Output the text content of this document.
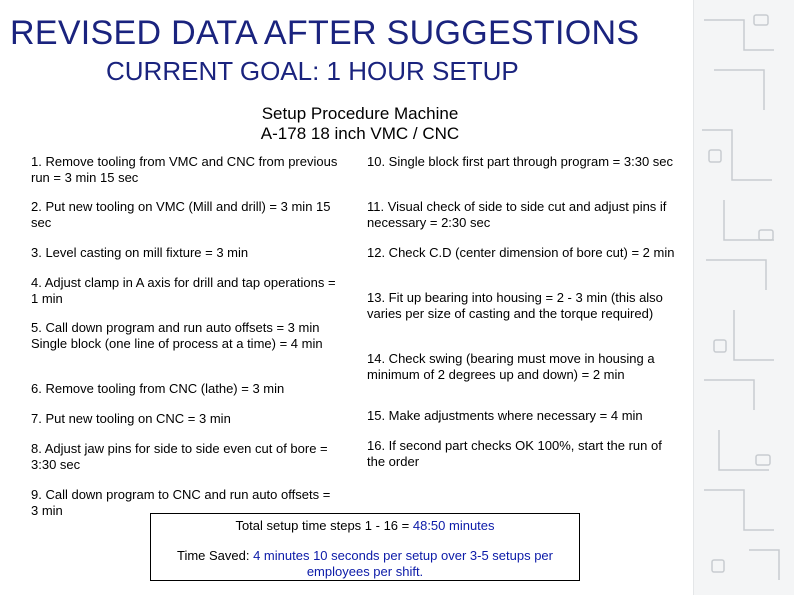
REVISED DATA AFTER SUGGESTIONS
CURRENT GOAL: 1 HOUR SETUP
Setup Procedure Machine
A-178 18 inch VMC / CNC
1. Remove tooling from VMC and CNC from previous run = 3 min 15 sec
2. Put new tooling on VMC (Mill and drill) = 3 min 15 sec
3. Level casting on mill fixture = 3 min
4. Adjust clamp in A axis for drill and tap operations = 1 min
5. Call down program and run auto offsets = 3 min Single block (one line of process at a time) = 4 min
6. Remove tooling from CNC (lathe) = 3 min
7. Put new tooling on CNC = 3 min
8. Adjust jaw pins for side to side even cut of bore = 3:30 sec
9. Call down program to CNC and run auto offsets = 3 min
10. Single block first part through program = 3:30 sec
11. Visual check of side to side cut and adjust pins if necessary = 2:30 sec
12. Check C.D (center dimension of bore cut) = 2 min
13. Fit up bearing into housing = 2 - 3 min (this also varies per size of casting and the torque required)
14. Check swing (bearing must move in housing a minimum of 2 degrees up and down) = 2 min
15. Make adjustments where necessary = 4 min
16. If second part checks OK 100%, start the run of the order
Total setup time steps 1 - 16 = 48:50 minutes
Time Saved: 4 minutes 10 seconds per setup over 3-5 setups per employees per shift.
